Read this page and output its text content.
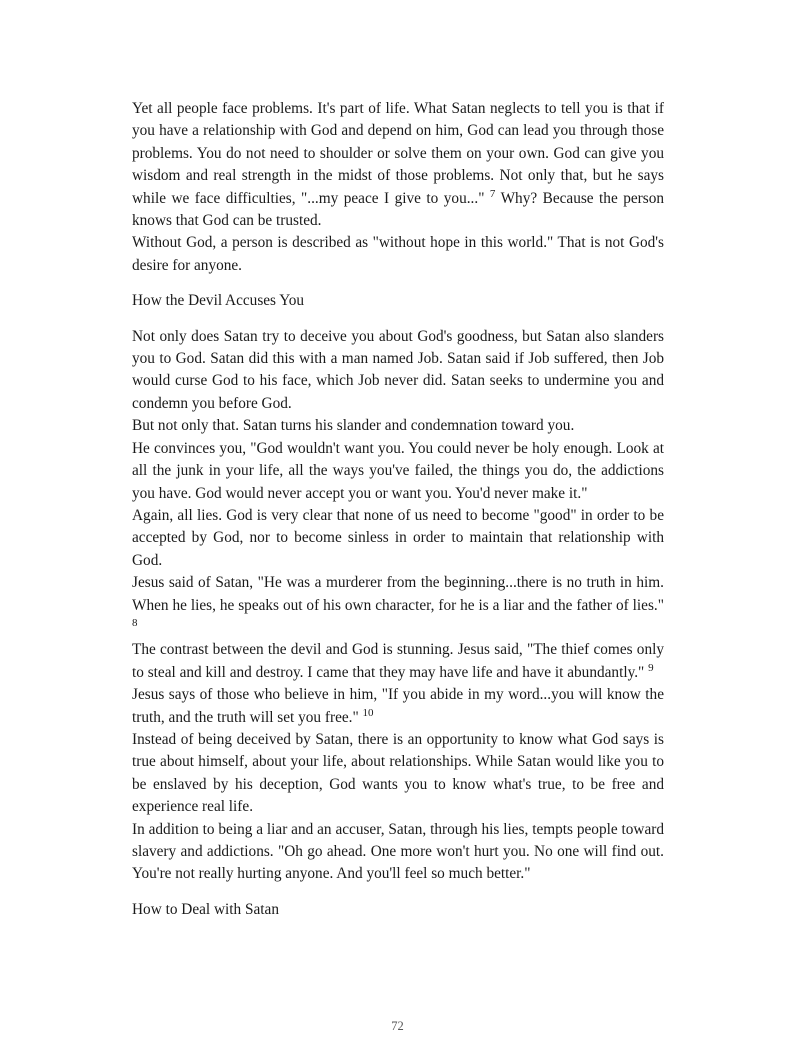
Yet all people face problems. It's part of life. What Satan neglects to tell you is that if you have a relationship with God and depend on him, God can lead you through those problems. You do not need to shoulder or solve them on your own. God can give you wisdom and real strength in the midst of those problems. Not only that, but he says while we face difficulties, "...my peace I give to you..." $^7$ Why? Because the person knows that God can be trusted.

Without God, a person is described as "without hope in this world." That is not God's desire for anyone.

How the Devil Accuses You

Not only does Satan try to deceive you about God's goodness, but Satan also slanders you to God. Satan did this with a man named Job. Satan said if Job suffered, then Job would curse God to his face, which Job never did. Satan seeks to undermine you and condemn you before God.

But not only that. Satan turns his slander and condemnation toward you.

He convinces you, "God wouldn't want you. You could never be holy enough. Look at all the junk in your life, all the ways you've failed, the things you do, the addictions you have. God would never accept you or want you. You'd never make it."

Again, all lies. God is very clear that none of us need to become "good" in order to be accepted by God, nor to become sinless in order to maintain that relationship with God.

Jesus said of Satan, "He was a murderer from the beginning...there is no truth in him. When he lies, he speaks out of his own character, for he is a liar and the father of lies." $^8$

The contrast between the devil and God is stunning. Jesus said, "The thief comes only to steal and kill and destroy. I came that they may have life and have it abundantly." $^9$

Jesus says of those who believe in him, "If you abide in my word...you will know the truth, and the truth will set you free." $^{10}$

Instead of being deceived by Satan, there is an opportunity to know what God says is true about himself, about your life, about relationships. While Satan would like you to be enslaved by his deception, God wants you to know what's true, to be free and experience real life.

In addition to being a liar and an accuser, Satan, through his lies, tempts people toward slavery and addictions. "Oh go ahead. One more won't hurt you. No one will find out. You're not really hurting anyone. And you'll feel so much better."

How to Deal with Satan
72
